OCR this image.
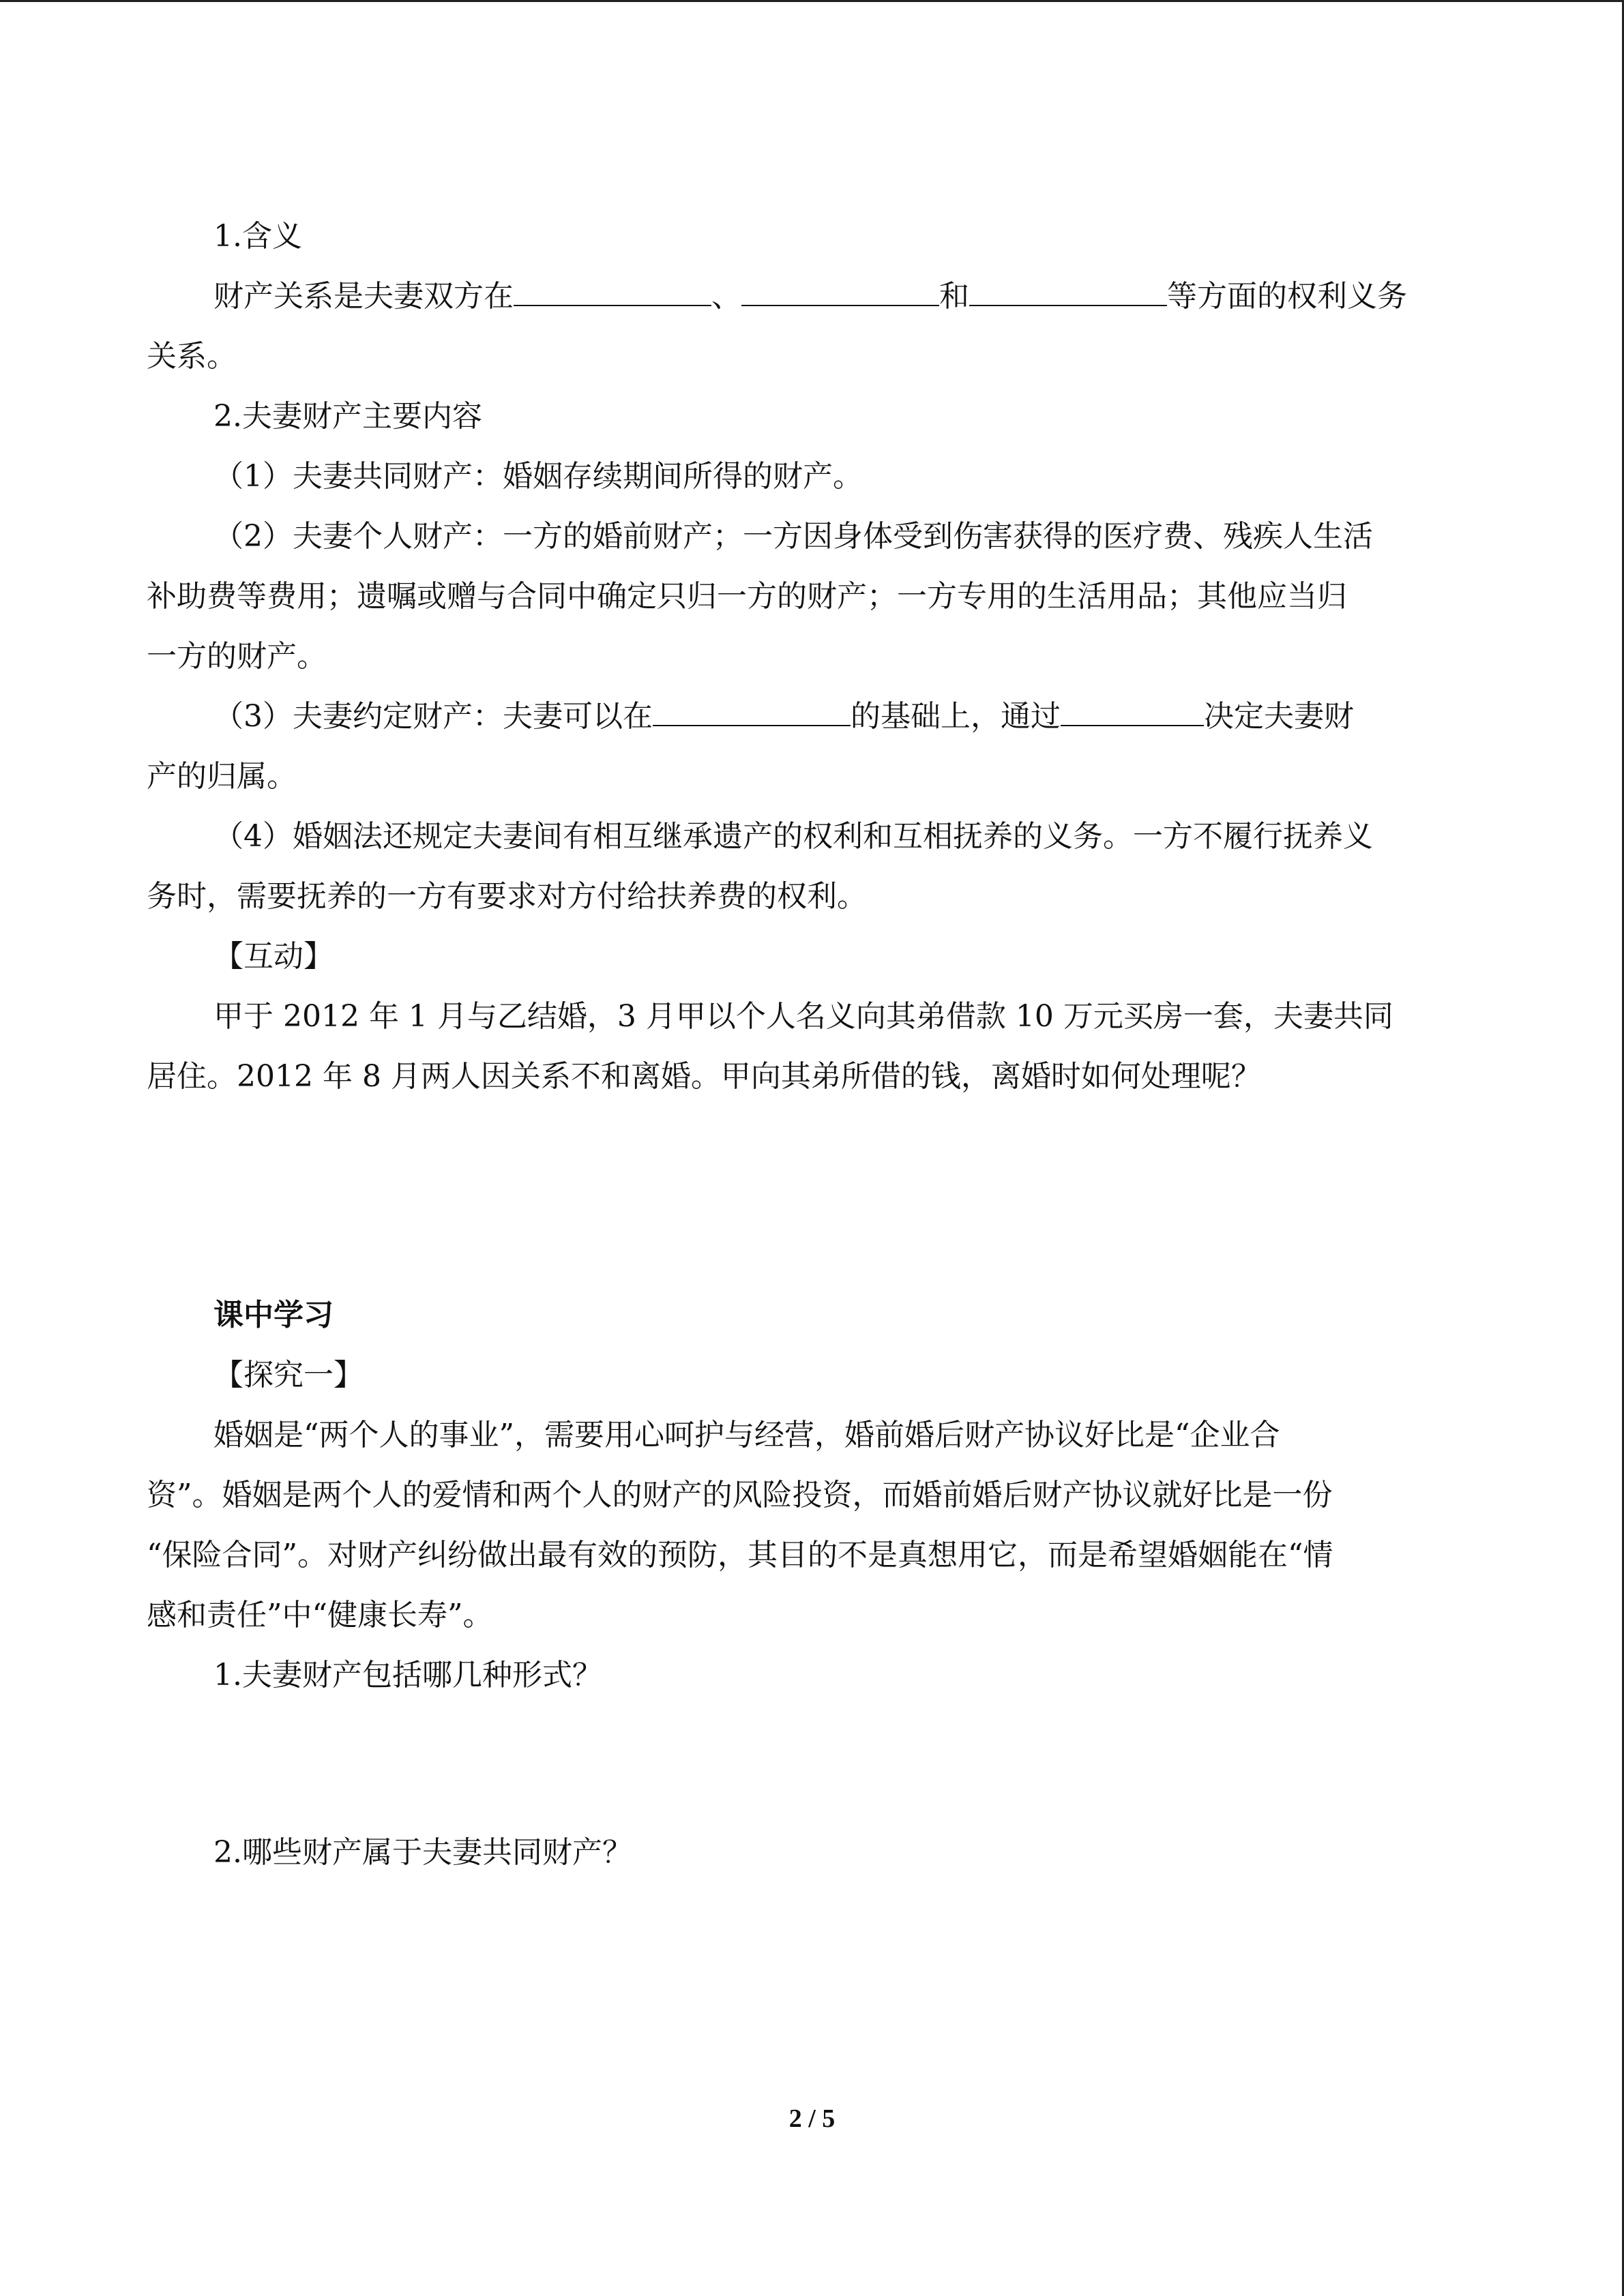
1.含义

财产关系是夫妻双方在	、	和	等方面的权利义务

关系。

2.夫妻财产主要内容

（1）夫妻共同财产：婚姻存续期间所得的财产。

（2）夫妻个人财产：一方的婚前财产；一方因身体受到伤害获得的医疗费、残疾人生活

补助费等费用；遗嘱或赠与合同中确定只归一方的财产；一方专用的生活用品；其他应当归

一方的财产。

（3）夫妻约定财产：夫妻可以在	的基础上，通过	决定夫妻财

产的归属。

（4）婚姻法还规定夫妻间有相互继承遗产的权利和互相抚养的义务。一方不履行抚养义

务时，需要抚养的一方有要求对方付给扶养费的权利。

【互动】

甲于 2012 年 1 月与乙结婚，3 月甲以个人名义向其弟借款 10 万元买房一套，夫妻共同

居住。2012 年 8 月两人因关系不和离婚。甲向其弟所借的钱，离婚时如何处理呢？

课中学习

【探究一】

婚姻是“两个人的事业”，需要用心呵护与经营，婚前婚后财产协议好比是“企业合

资”。婚姻是两个人的爱情和两个人的财产的风险投资，而婚前婚后财产协议就好比是一份

“保险合同”。对财产纠纷做出最有效的预防，其目的不是真想用它，而是希望婚姻能在“情

感和责任”中“健康长寿”。

1.夫妻财产包括哪几种形式？

2.哪些财产属于夫妻共同财产？

2 / 5
